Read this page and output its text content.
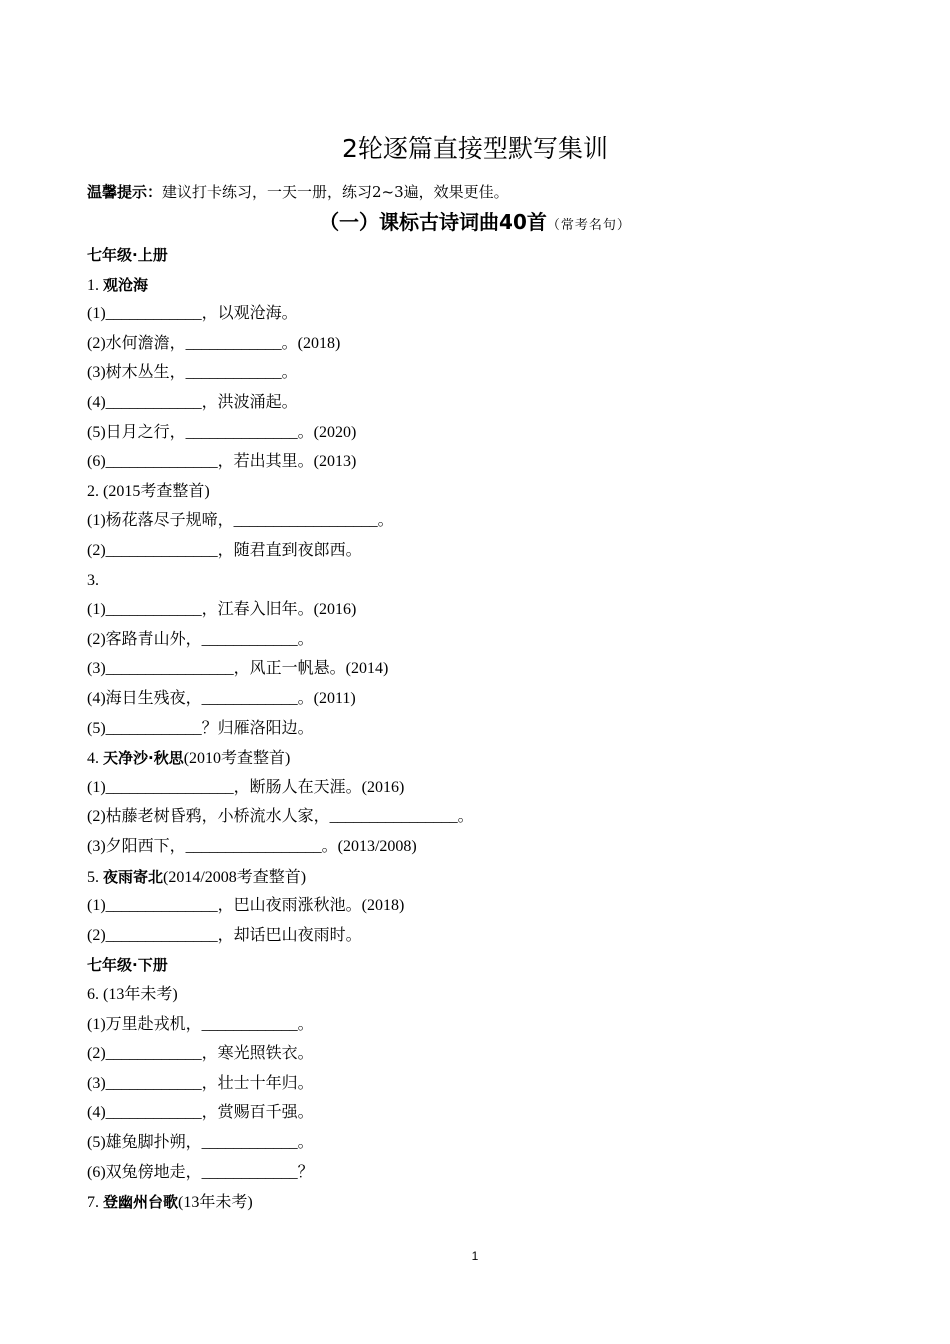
2轮逐篇直接型默写集训
温馨提示：建议打卡练习，一天一册，练习2~3遍，效果更佳。
（一）课标古诗词曲40首（常考名句）
七年级·上册
1. 观沧海
(1)____________，以观沧海。
(2)水何澹澹，____________。(2018)
(3)树木丛生，____________。
(4)____________，洪波涌起。
(5)日月之行，______________。(2020)
(6)______________，若出其里。(2013)
2. (2015考查整首)
(1)杨花落尽子规啼，__________________。
(2)______________，随君直到夜郎西。
3.
(1)____________，江春入旧年。(2016)
(2)客路青山外，____________。
(3)________________，风正一帆悬。(2014)
(4)海日生残夜，____________。(2011)
(5)____________？归雁洛阳边。
4. 天净沙·秋思(2010考查整首)
(1)________________，断肠人在天涯。(2016)
(2)枯藤老树昏鸦，小桥流水人家，________________。
(3)夕阳西下，_________________。(2013/2008)
5. 夜雨寄北(2014/2008考查整首)
(1)______________，巴山夜雨涨秋池。(2018)
(2)______________，却话巴山夜雨时。
七年级·下册
6. (13年未考)
(1)万里赴戎机，____________。
(2)____________，寒光照铁衣。
(3)____________，壮士十年归。
(4)____________，赏赐百千强。
(5)雄兔脚扑朔，____________。
(6)双兔傍地走，____________？
7. 登幽州台歌(13年未考)
1
